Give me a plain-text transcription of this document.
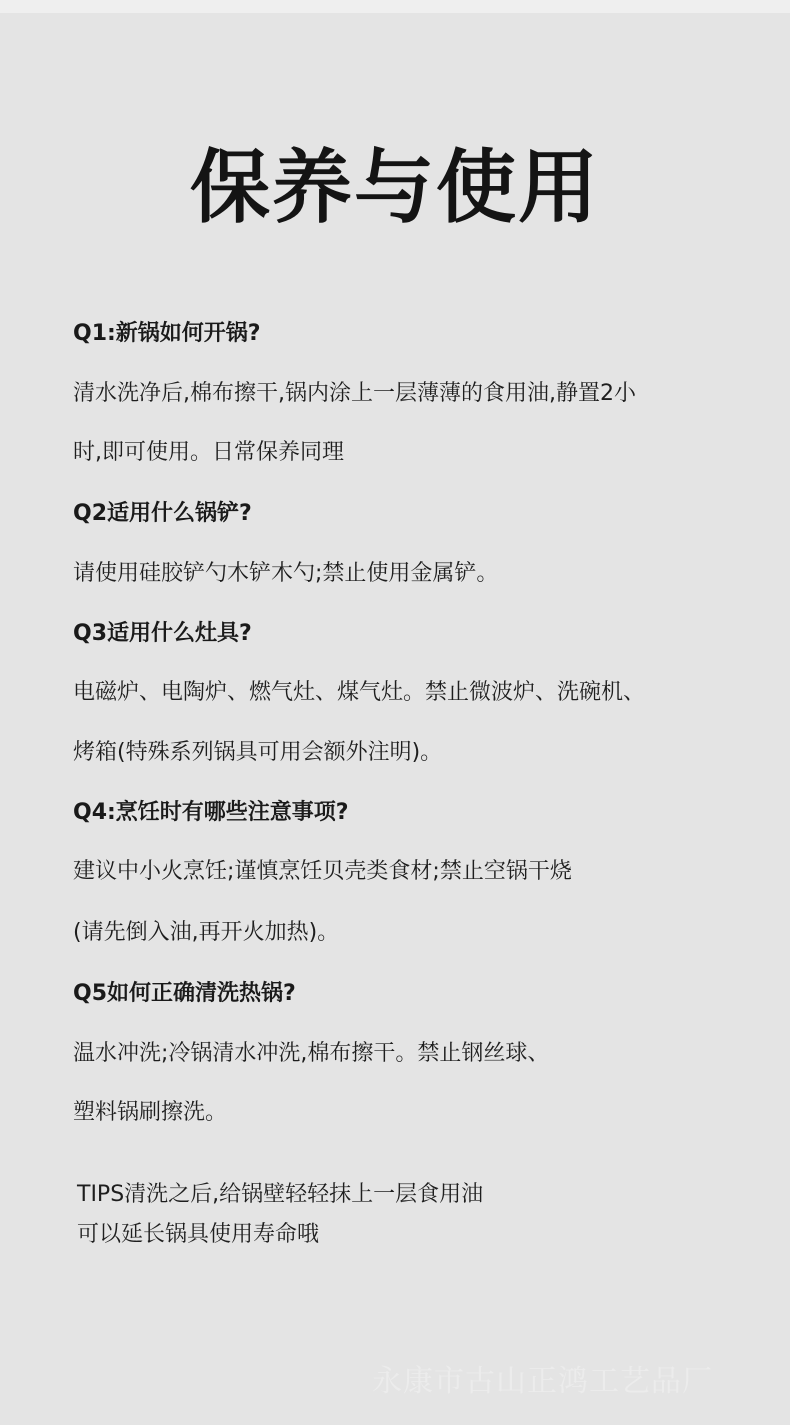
保养与使用
Q1:新锅如何开锅?
清水洗净后,棉布擦干,锅内涂上一层薄薄的食用油,静置2小
时,即可使用。日常保养同理
Q2适用什么锅铲?
请使用硅胶铲勺木铲木勺;禁止使用金属铲。
Q3适用什么灶具?
电磁炉、电陶炉、燃气灶、煤气灶。禁止微波炉、洗碗机、
烤箱(特殊系列锅具可用会额外注明)。
Q4:烹饪时有哪些注意事项?
建议中小火烹饪;谨慎烹饪贝壳类食材;禁止空锅干烧
(请先倒入油,再开火加热)。
Q5如何正确清洗热锅?
温水冲洗;冷锅清水冲洗,棉布擦干。禁止钢丝球、
塑料锅刷擦洗。
TIPS清洗之后,给锅壁轻轻抹上一层食用油
可以延长锅具使用寿命哦
永康市古山正鸿工艺品厂
